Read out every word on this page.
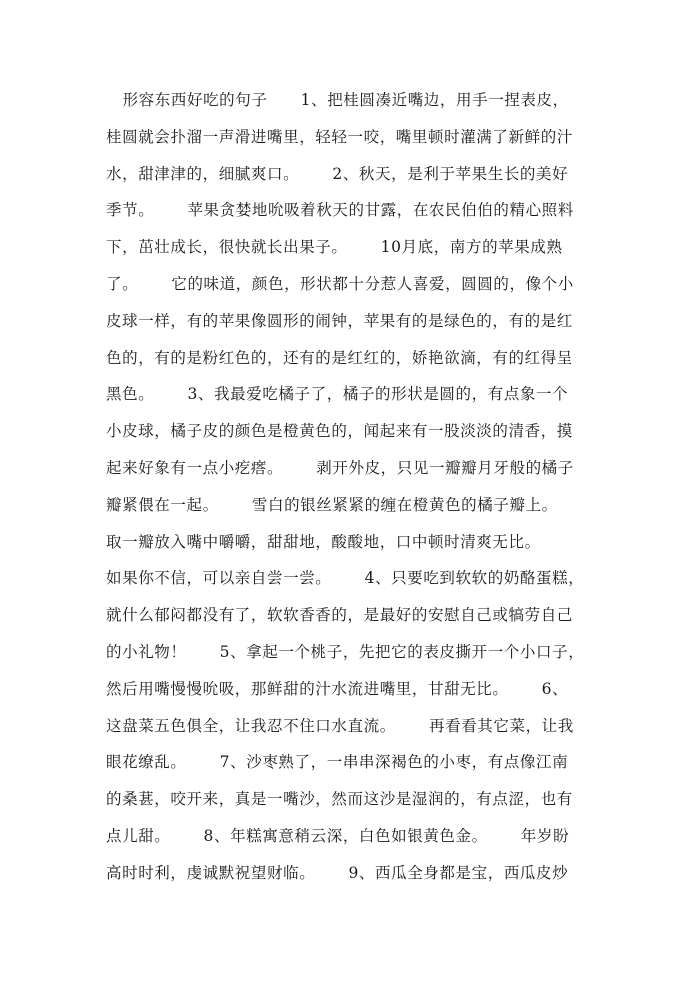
形容东西好吃的句子      1、把桂圆凑近嘴边，用手一捏表皮，
桂圆就会扑溜一声滑进嘴里，轻轻一咬，嘴里顿时灌满了新鲜的汁
水，甜津津的，细腻爽口。      2、秋天，是利于苹果生长的美好
季节。      苹果贪婪地吮吸着秋天的甘露，在农民伯伯的精心照料
下，茁壮成长，很快就长出果子。      10月底，南方的苹果成熟
了。      它的味道，颜色，形状都十分惹人喜爱，圆圆的，像个小
皮球一样，有的苹果像圆形的闹钟，苹果有的是绿色的，有的是红
色的，有的是粉红色的，还有的是红红的，娇艳欲滴，有的红得呈
黑色。      3、我最爱吃橘子了，橘子的形状是圆的，有点象一个
小皮球，橘子皮的颜色是橙黄色的，闻起来有一股淡淡的清香，摸
起来好象有一点小疙瘩。      剥开外皮，只见一瓣瓣月牙般的橘子
瓣紧偎在一起。      雪白的银丝紧紧的缠在橙黄色的橘子瓣上。
取一瓣放入嘴中嚼嚼，甜甜地，酸酸地，口中顿时清爽无比。
如果你不信，可以亲自尝一尝。      4、只要吃到软软的奶酪蛋糕，
就什么郁闷都没有了，软软香香的，是最好的安慰自己或犒劳自己
的小礼物！      5、拿起一个桃子，先把它的表皮撕开一个小口子，
然后用嘴慢慢吮吸，那鲜甜的汁水流进嘴里，甘甜无比。      6、
这盘菜五色俱全，让我忍不住口水直流。      再看看其它菜，让我
眼花缭乱。      7、沙枣熟了，一串串深褐色的小枣，有点像江南
的桑葚，咬开来，真是一嘴沙，然而这沙是湿润的，有点涩，也有
点儿甜。      8、年糕寓意稍云深，白色如银黄色金。      年岁盼
高时时利，虔诚默祝望财临。      9、西瓜全身都是宝，西瓜皮炒
